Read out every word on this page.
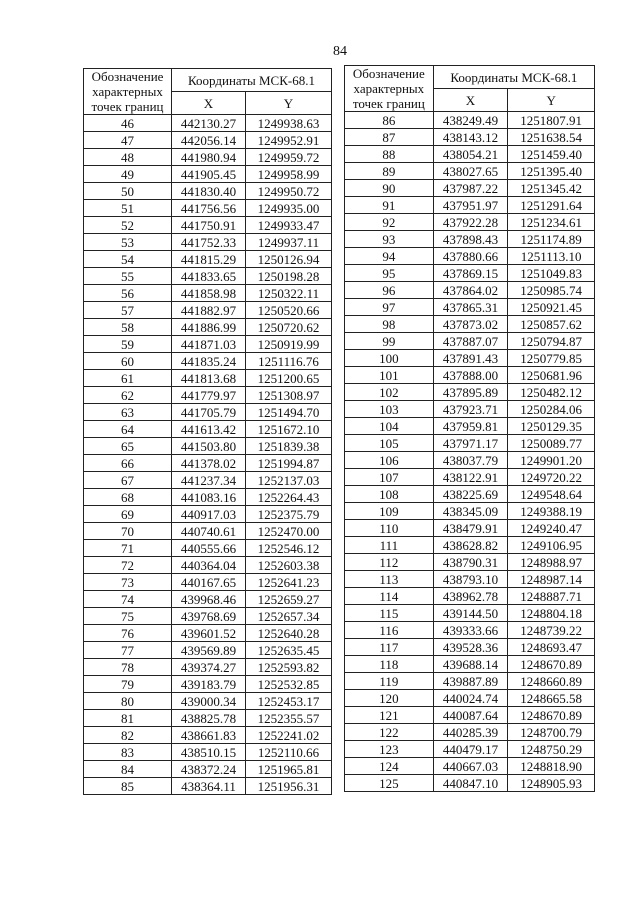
84
Обозначение характерных точек границ	Координаты МСК-68.1	
	X	Y
46	442130.27	1249938.63
47	442056.14	1249952.91
48	441980.94	1249959.72
49	441905.45	1249958.99
50	441830.40	1249950.72
51	441756.56	1249935.00
52	441750.91	1249933.47
53	441752.33	1249937.11
54	441815.29	1250126.94
55	441833.65	1250198.28
56	441858.98	1250322.11
57	441882.97	1250520.66
58	441886.99	1250720.62
59	441871.03	1250919.99
60	441835.24	1251116.76
61	441813.68	1251200.65
62	441779.97	1251308.97
63	441705.79	1251494.70
64	441613.42	1251672.10
65	441503.80	1251839.38
66	441378.02	1251994.87
67	441237.34	1252137.03
68	441083.16	1252264.43
69	440917.03	1252375.79
70	440740.61	1252470.00
71	440555.66	1252546.12
72	440364.04	1252603.38
73	440167.65	1252641.23
74	439968.46	1252659.27
75	439768.69	1252657.34
76	439601.52	1252640.28
77	439569.89	1252635.45
78	439374.27	1252593.82
79	439183.79	1252532.85
80	439000.34	1252453.17
81	438825.78	1252355.57
82	438661.83	1252241.02
83	438510.15	1252110.66
84	438372.24	1251965.81
85	438364.11	1251956.31
Обозначение характерных точек границ	Координаты МСК-68.1	
	X	Y
86	438249.49	1251807.91
87	438143.12	1251638.54
88	438054.21	1251459.40
89	438027.65	1251395.40
90	437987.22	1251345.42
91	437951.97	1251291.64
92	437922.28	1251234.61
93	437898.43	1251174.89
94	437880.66	1251113.10
95	437869.15	1251049.83
96	437864.02	1250985.74
97	437865.31	1250921.45
98	437873.02	1250857.62
99	437887.07	1250794.87
100	437891.43	1250779.85
101	437888.00	1250681.96
102	437895.89	1250482.12
103	437923.71	1250284.06
104	437959.81	1250129.35
105	437971.17	1250089.77
106	438037.79	1249901.20
107	438122.91	1249720.22
108	438225.69	1249548.64
109	438345.09	1249388.19
110	438479.91	1249240.47
111	438628.82	1249106.95
112	438790.31	1248988.97
113	438793.10	1248987.14
114	438962.78	1248887.71
115	439144.50	1248804.18
116	439333.66	1248739.22
117	439528.36	1248693.47
118	439688.14	1248670.89
119	439887.89	1248660.89
120	440024.74	1248665.58
121	440087.64	1248670.89
122	440285.39	1248700.79
123	440479.17	1248750.29
124	440667.03	1248818.90
125	440847.10	1248905.93
